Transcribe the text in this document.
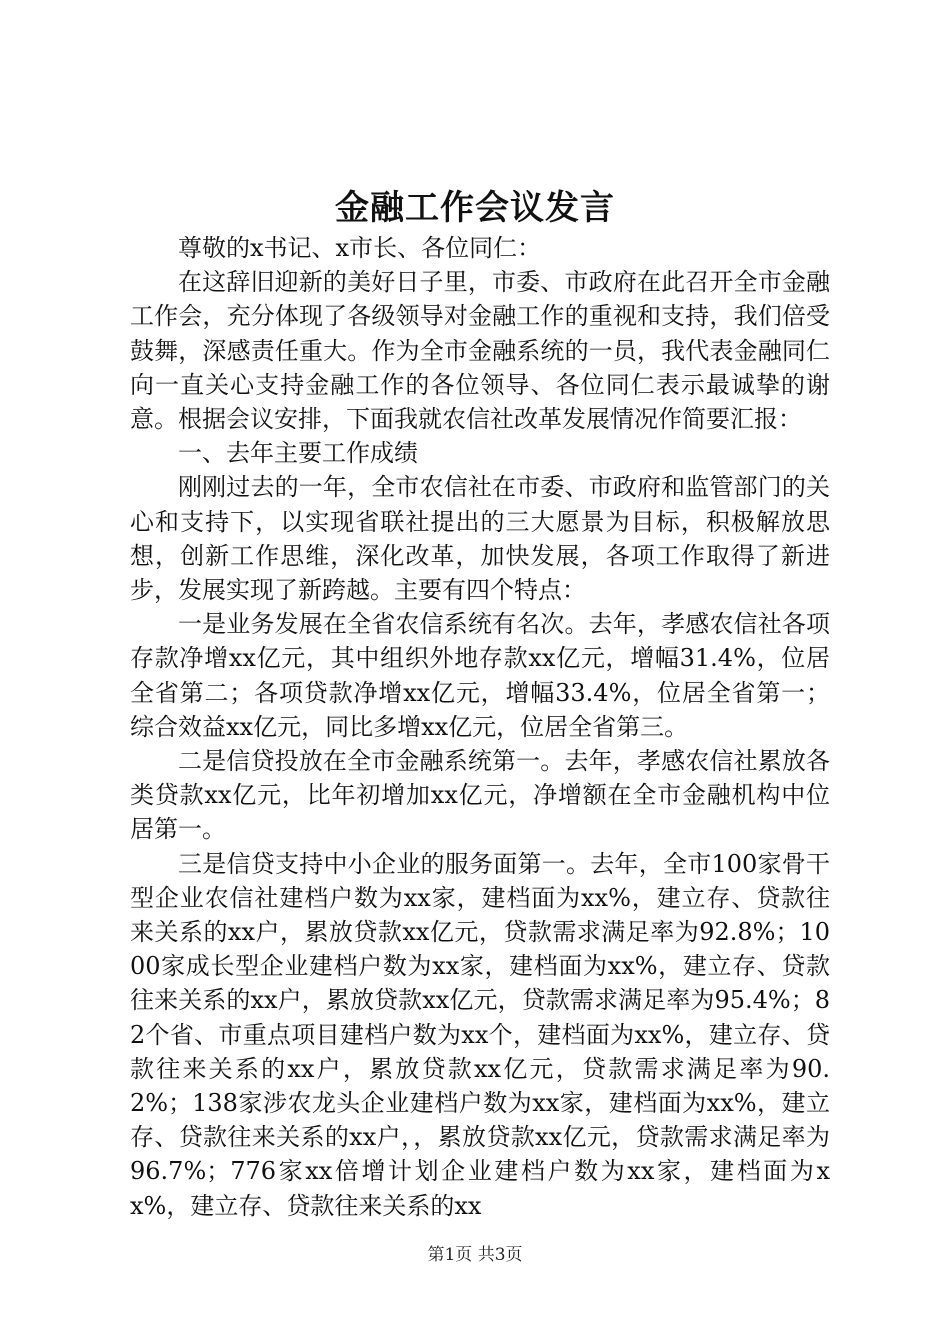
金融工作会议发言

尊敬的x书记、x市长、各位同仁：

在这辞旧迎新的美好日子里，市委、市政府在此召开全市金融工作会，充分体现了各级领导对金融工作的重视和支持，我们倍受鼓舞，深感责任重大。作为全市金融系统的一员，我代表金融同仁向一直关心支持金融工作的各位领导、各位同仁表示最诚挚的谢意。根据会议安排，下面我就农信社改革发展情况作简要汇报：

一、去年主要工作成绩

刚刚过去的一年，全市农信社在市委、市政府和监管部门的关心和支持下，以实现省联社提出的三大愿景为目标，积极解放思想，创新工作思维，深化改革，加快发展，各项工作取得了新进步，发展实现了新跨越。主要有四个特点：

一是业务发展在全省农信系统有名次。去年，孝感农信社各项存款净增xx亿元，其中组织外地存款xx亿元，增幅31.4%，位居全省第二；各项贷款净增xx亿元，增幅33.4%，位居全省第一；综合效益xx亿元，同比多增xx亿元，位居全省第三。

二是信贷投放在全市金融系统第一。去年，孝感农信社累放各类贷款xx亿元，比年初增加xx亿元，净增额在全市金融机构中位居第一。

三是信贷支持中小企业的服务面第一。去年，全市100家骨干型企业农信社建档户数为xx家，建档面为xx%，建立存、贷款往来关系的xx户，累放贷款xx亿元，贷款需求满足率为92.8%；1000家成长型企业建档户数为xx家，建档面为xx%，建立存、贷款往来关系的xx户，累放贷款xx亿元，贷款需求满足率为95.4%；82个省、市重点项目建档户数为xx个，建档面为xx%，建立存、贷款往来关系的xx户，累放贷款xx亿元，贷款需求满足率为90.2%；138家涉农龙头企业建档户数为xx家，建档面为xx%，建立存、贷款往来关系的xx户，，累放贷款xx亿元，贷款需求满足率为96.7%；776家xx倍增计划企业建档户数为xx家，建档面为xx%，建立存、贷款往来关系的xx

第1页 共3页
